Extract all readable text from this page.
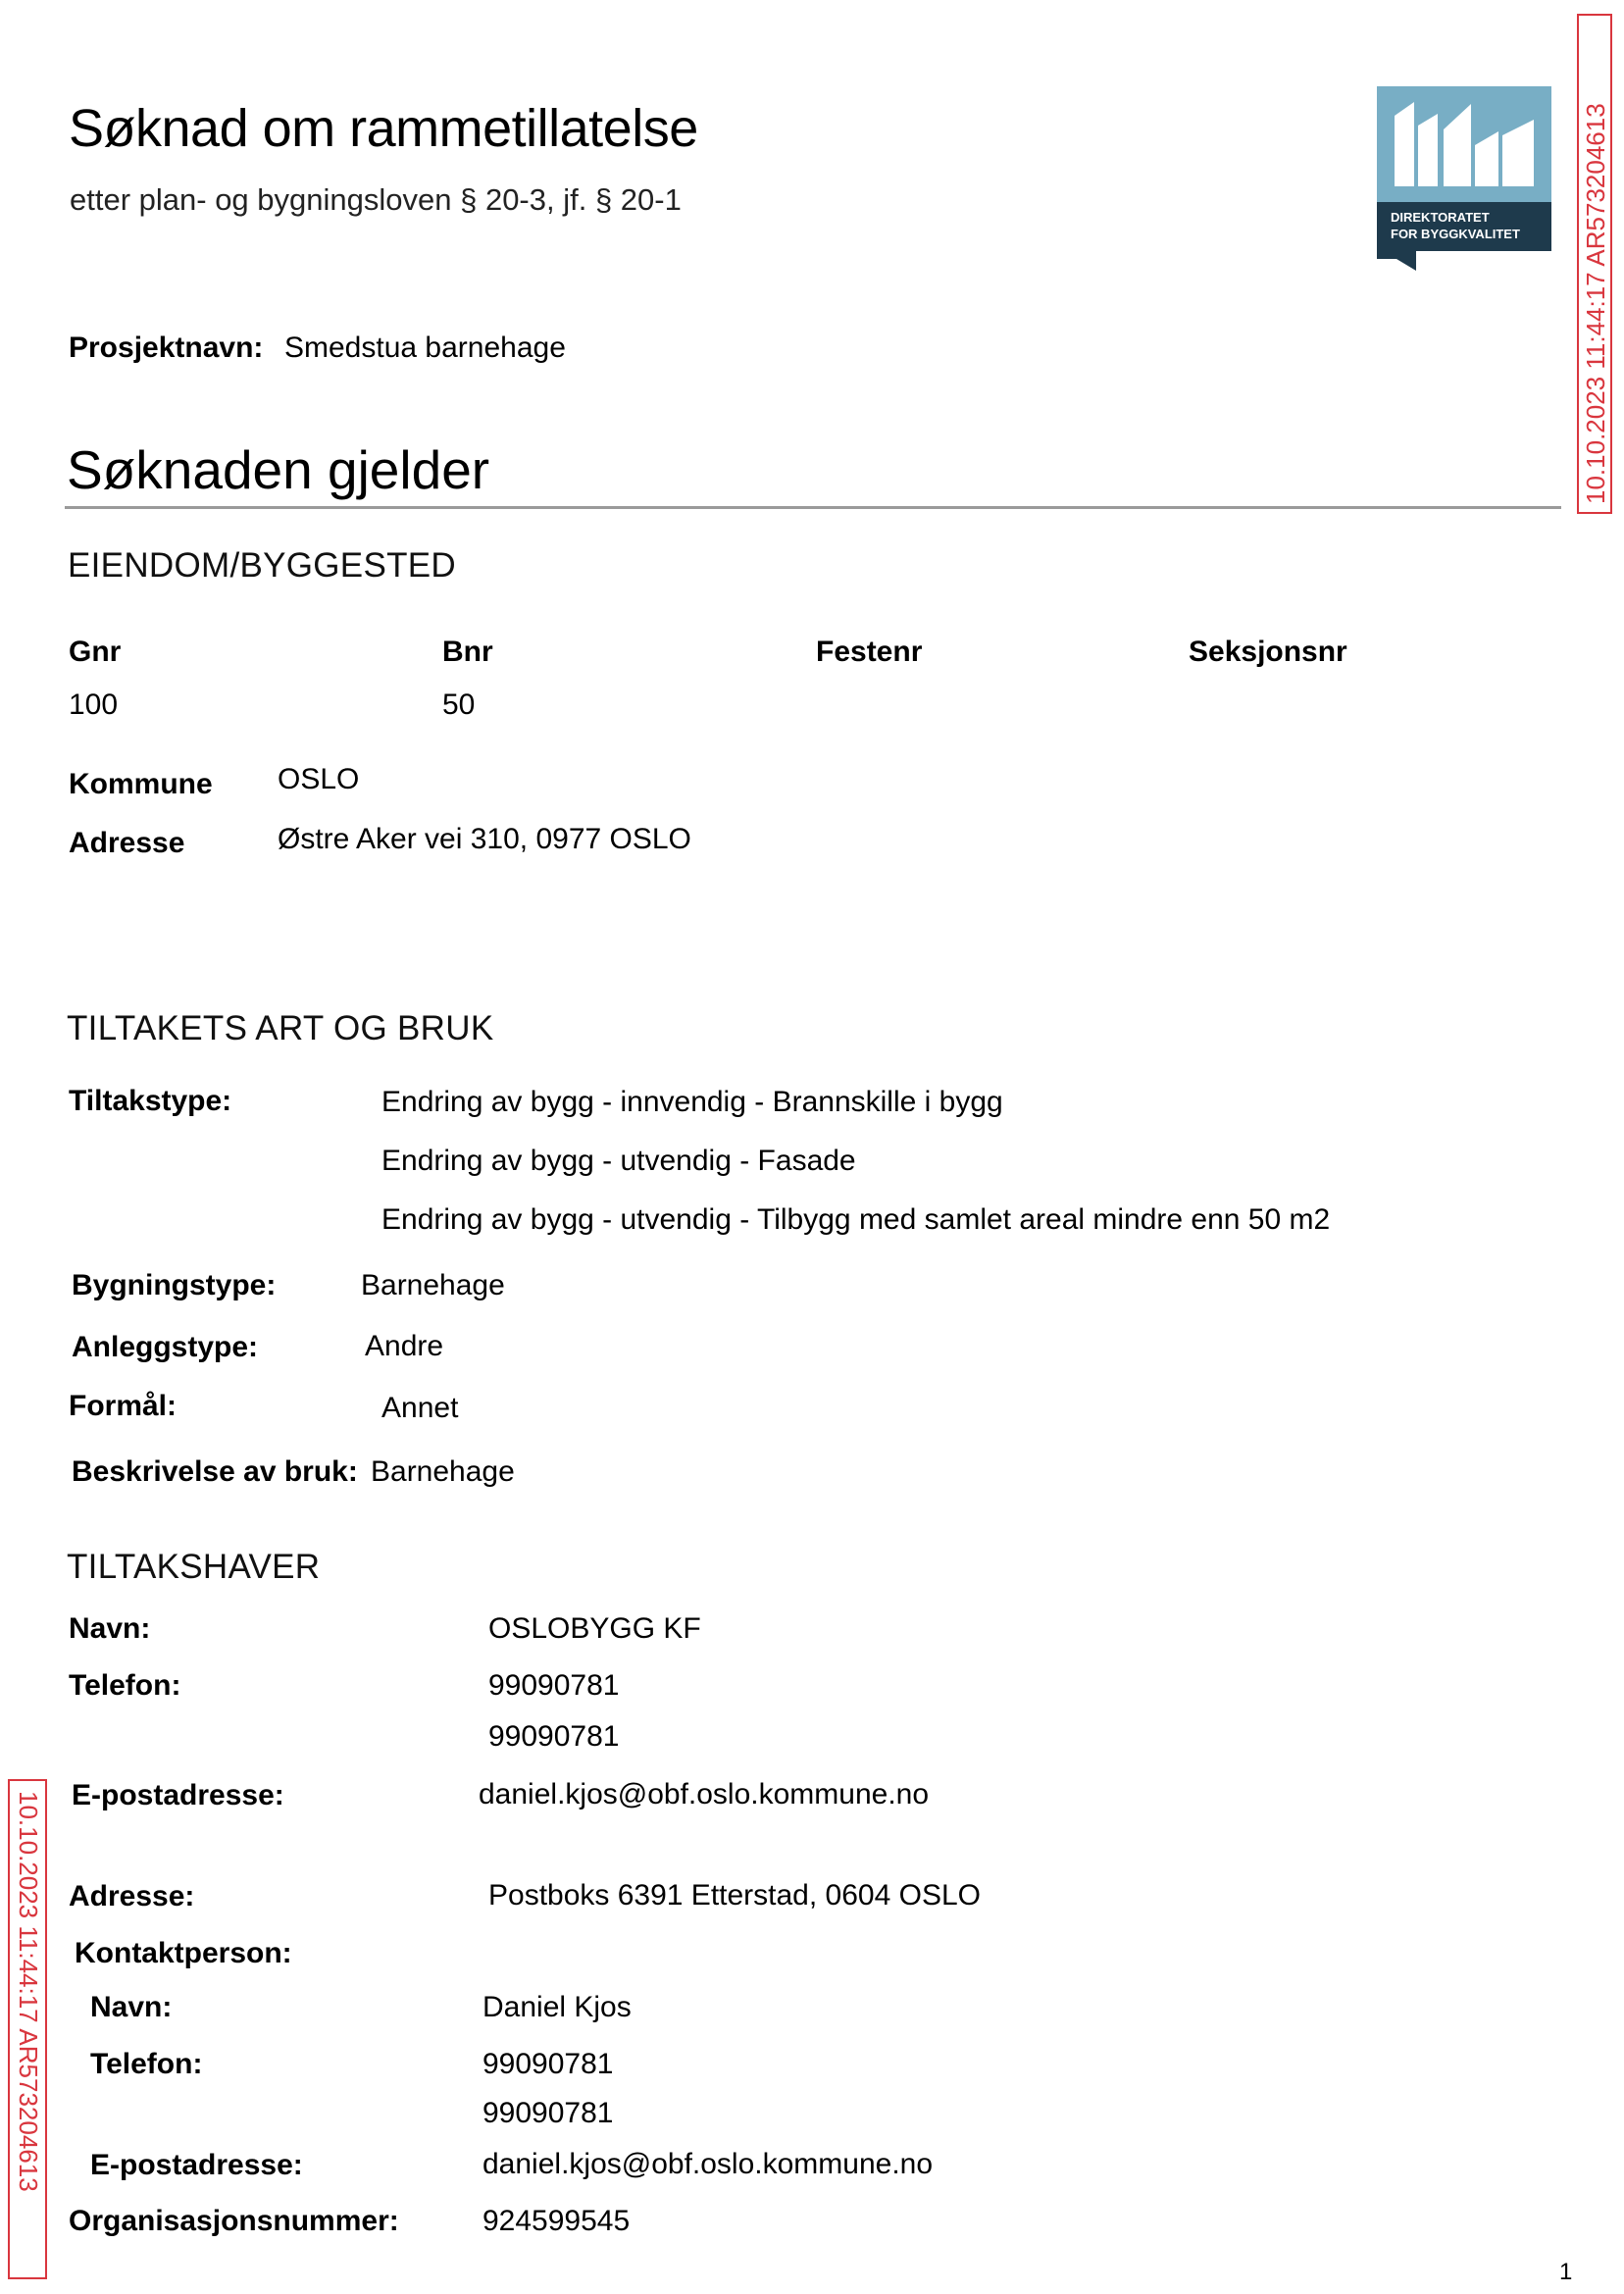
Søknad om rammetillatelse
etter plan- og bygningsloven § 20-3, jf. § 20-1
DIREKTORATET
FOR BYGGKVALITET 10.10.2023 11:44:17 AR573204613
10.10.2023 11:44:17 AR573204613
Prosjektnavn: Smedstua barnehage
Søknaden gjelder
EIENDOM/BYGGESTED
Gnr	Bnr	Festenr	Seksjonsnr
100	50
Kommune OSLO
Adresse	Østre Aker vei 310, 0977 OSLO
TILTAKETS ART OG BRUK
Tiltakstype:	Endring av bygg - innvendig - Brannskille i bygg
Endring av bygg - utvendig - Fasade
Endring av bygg - utvendig - Tilbygg med samlet areal mindre enn 50 m2
Bygningstype:	Barnehage
Anleggstype:	Andre
Formål:	Annet
Beskrivelse av bruk: Barnehage
TILTAKSHAVER
Navn:	OSLOBYGG KF
Telefon:	99090781
99090781
E-postadresse:	daniel.kjos@obf.oslo.kommune.no
Adresse:	Postboks 6391 Etterstad, 0604 OSLO
Kontaktperson:
Navn:	Daniel Kjos
Telefon:	99090781
99090781
E-postadresse:	daniel.kjos@obf.oslo.kommune.no
Organisasjonsnummer:	924599545
1
